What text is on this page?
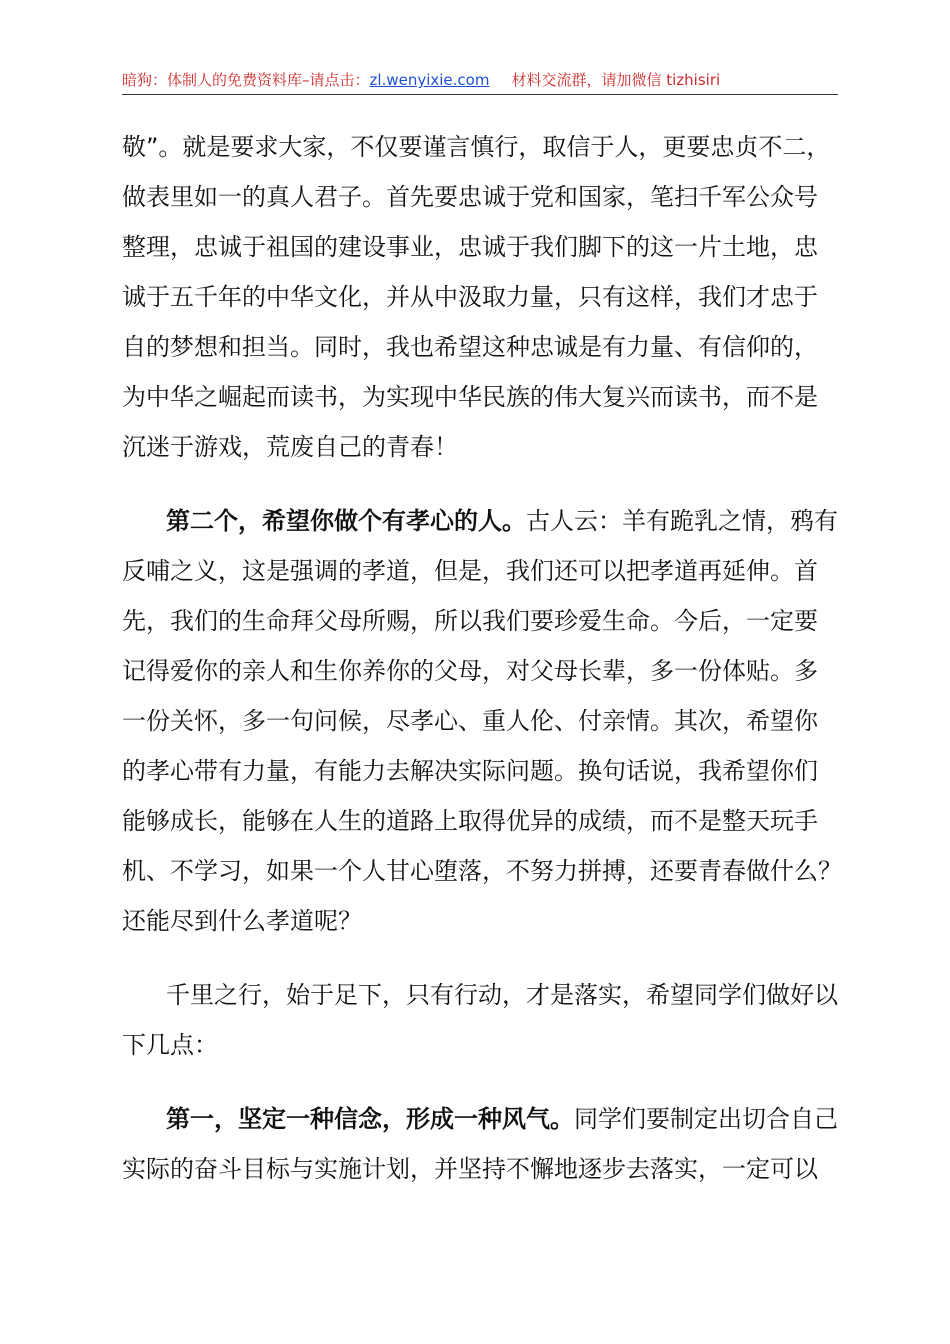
暗狗：体制人的免费资料库–请点击：zl.wenyixie.com 材料交流群，请加微信 tizhisiri
敬”。就是要求大家，不仅要谨言慎行，取信于人，更要忠贞不二，
做表里如一的真人君子。首先要忠诚于党和国家，笔扫千军公众号
整理，忠诚于祖国的建设事业，忠诚于我们脚下的这一片土地，忠
诚于五千年的中华文化，并从中汲取力量，只有这样，我们才忠于
自的梦想和担当。同时，我也希望这种忠诚是有力量、有信仰的，
为中华之崛起而读书，为实现中华民族的伟大复兴而读书，而不是
沉迷于游戏，荒废自己的青春！
第二个，希望你做个有孝心的人。古人云：羊有跪乳之情，鸦有
反哺之义，这是强调的孝道，但是，我们还可以把孝道再延伸。首
先，我们的生命拜父母所赐，所以我们要珍爱生命。今后，一定要
记得爱你的亲人和生你养你的父母，对父母长辈，多一份体贴。多
一份关怀，多一句问候，尽孝心、重人伦、付亲情。其次，希望你
的孝心带有力量，有能力去解决实际问题。换句话说，我希望你们
能够成长，能够在人生的道路上取得优异的成绩，而不是整天玩手
机、不学习，如果一个人甘心堕落，不努力拼搏，还要青春做什么？
还能尽到什么孝道呢？
千里之行，始于足下，只有行动，才是落实，希望同学们做好以
下几点：
第一，坚定一种信念，形成一种风气。同学们要制定出切合自己
实际的奋斗目标与实施计划，并坚持不懈地逐步去落实，一定可以
